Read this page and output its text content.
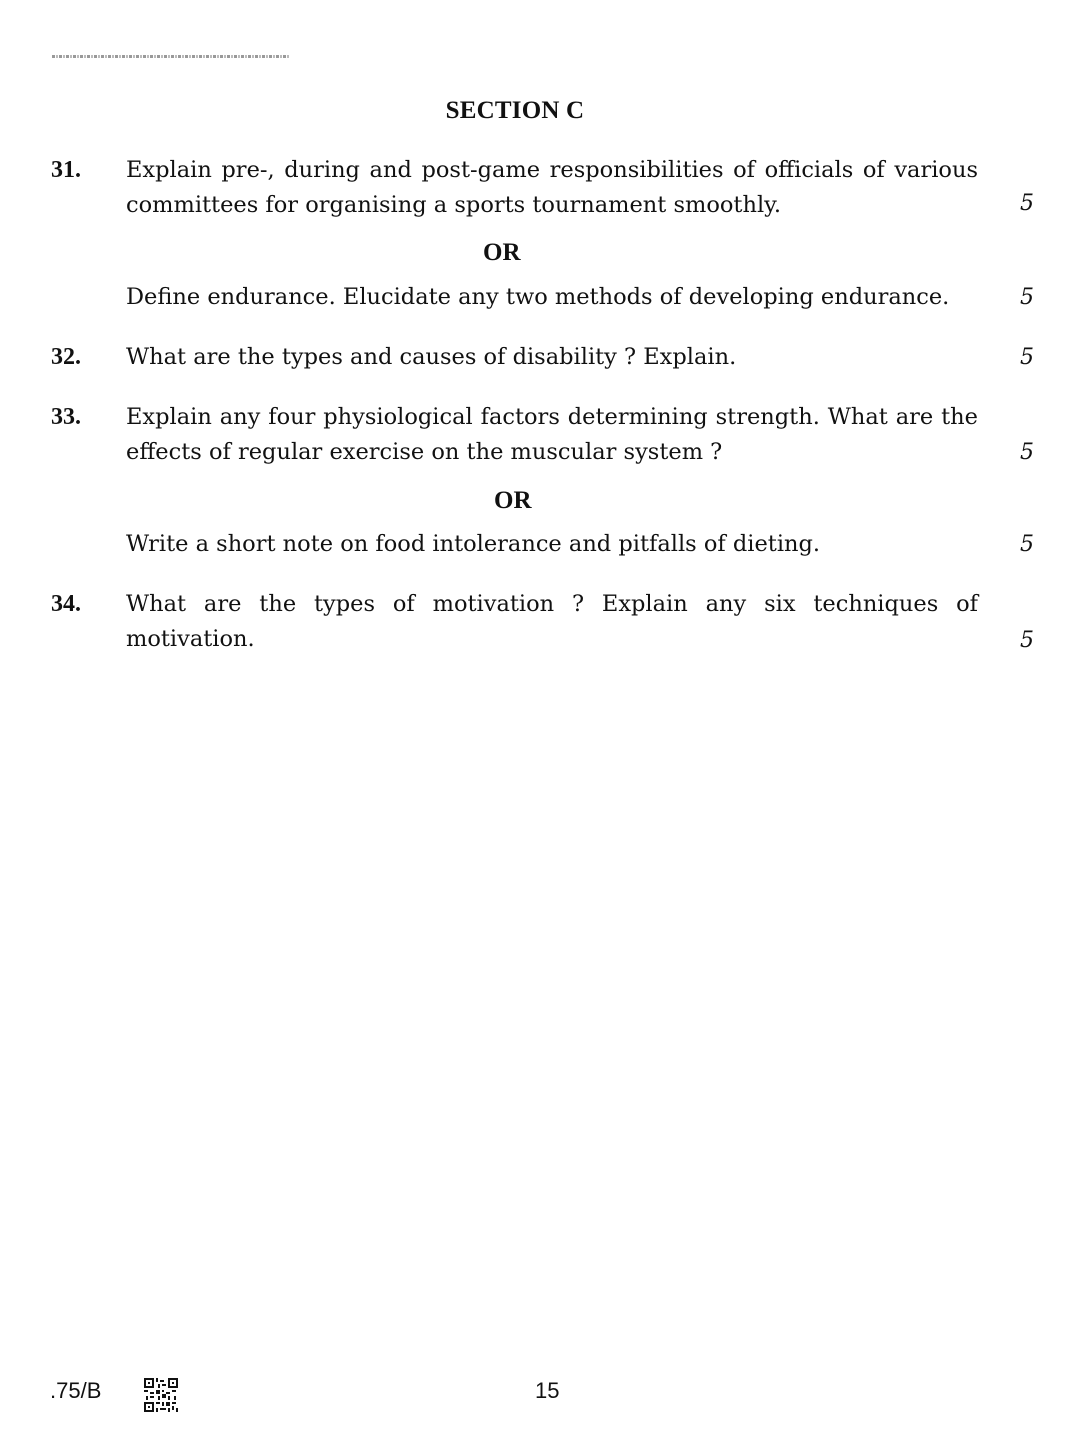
SECTION C
31. Explain pre-, during and post-game responsibilities of officials of various committees for organising a sports tournament smoothly.	5
OR

Define endurance. Elucidate any two methods of developing endurance.	5
32. What are the types and causes of disability ? Explain.	5
33. Explain any four physiological factors determining strength. What are the effects of regular exercise on the muscular system ?	5
OR

Write a short note on food intolerance and pitfalls of dieting.	5
34. What are the types of motivation ? Explain any six techniques of motivation.	5
.75/B	15
